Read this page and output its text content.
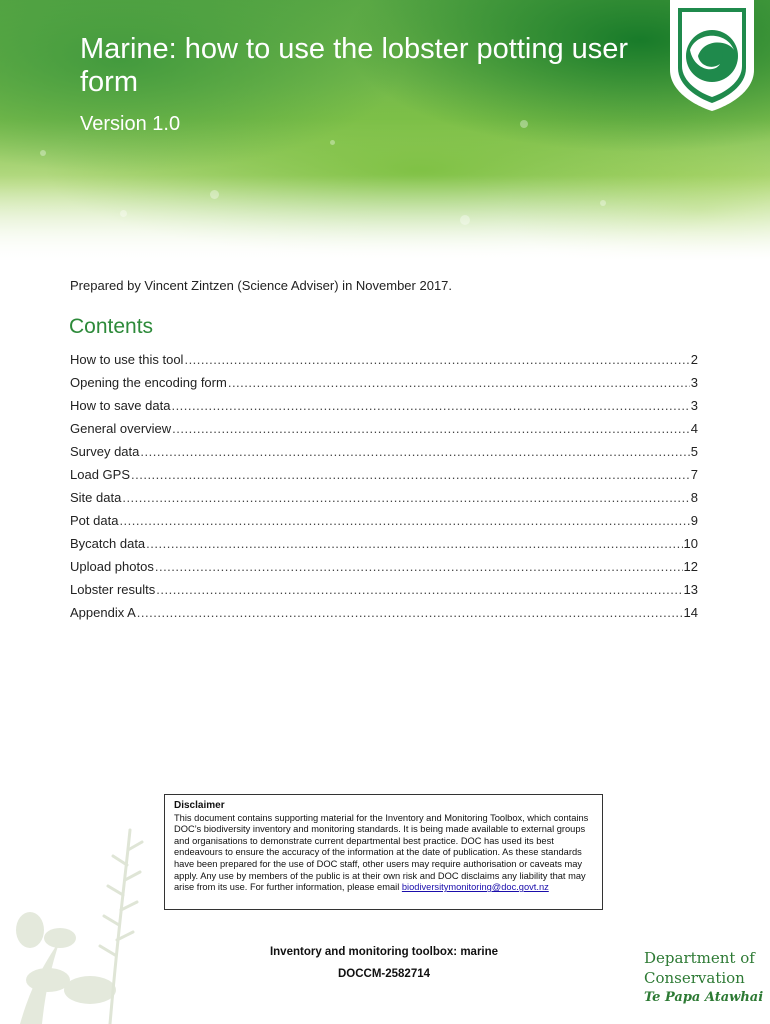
Marine: how to use the lobster potting user form

Version 1.0

Prepared by Vincent Zintzen (Science Adviser) in November 2017.

Contents
How to use this tool .....	2
Opening the encoding form .....	3
How to save data .....	3
General overview .....	4
Survey data .....	5
Load GPS .....	7
Site data .....	8
Pot data .....	9
Bycatch data .....	10
Upload photos .....	12
Lobster results .....	13
Appendix A .....	14
Disclaimer
This document contains supporting material for the Inventory and Monitoring Toolbox, which contains DOC’s biodiversity inventory and monitoring standards. It is being made available to external groups and organisations to demonstrate current departmental best practice. DOC has used its best endeavours to ensure the accuracy of the information at the date of publication. As these standards have been prepared for the use of DOC staff, other users may require authorisation or caveats may apply. Any use by members of the public is at their own risk and DOC disclaims any liability that may arise from its use. For further information, please email biodiversitymonitoring@doc.govt.nz

Inventory and monitoring toolbox: marine

DOCCM-2582714

Department of
Conservation
Te Papa Atawhai
